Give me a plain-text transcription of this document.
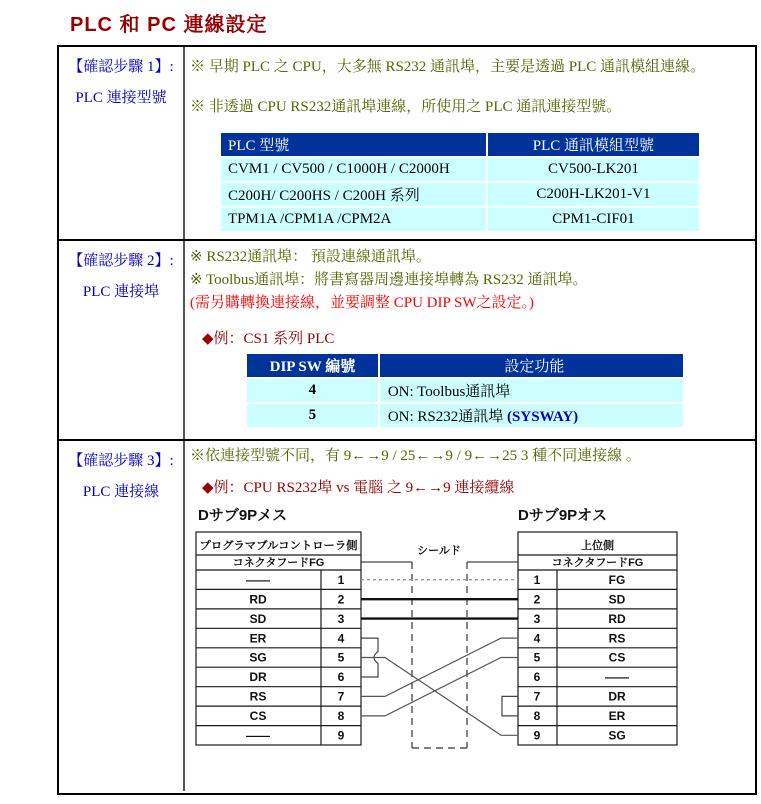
PLC 和 PC 連線設定
【確認步驟 1】:
PLC 連接型號
※ 早期 PLC 之 CPU，大多無 RS232 通訊埠，主要是透過 PLC 通訊模組連線。
※ 非透過 CPU RS232通訊埠連線，所使用之 PLC 通訊連接型號。
PLC 型號	PLC 通訊模組型號
CVM1 / CV500 / C1000H / C2000H	CV500-LK201
C200H/ C200HS / C200H 系列	C200H-LK201-V1
TPM1A /CPM1A /CPM2A	CPM1-CIF01
【確認步驟 2】:
PLC 連接埠
※ RS232通訊埠： 預設連線通訊埠。
※ Toolbus通訊埠：將書寫器周邊連接埠轉為 RS232 通訊埠。
(需另購轉換連接線，並要調整 CPU DIP SW之設定。)
◆例：CS1 系列 PLC
DIP SW 編號	設定功能
4	ON: Toolbus通訊埠
5	ON: RS232通訊埠 (SYSWAY)
【確認步驟 3】:
PLC 連接線
※依連接型號不同，有 9←→9 / 25←→9 / 9←→25 3 種不同連接線 。
◆例：CPU RS232埠 vs 電腦 之 9←→9 連接纜線
Dサブ9Pメス	Dサブ9Pオス
シールド
プログラマブルコントローラ側
コネクタフードFG
——	1
RD	2
SD	3
ER	4
SG	5
DR	6
RS	7
CS	8
——	9
上位側
コネクタフードFG
1	FG
2	SD
3	RD
4	RS
5	CS
6	——
7	DR
8	ER
9	SG
